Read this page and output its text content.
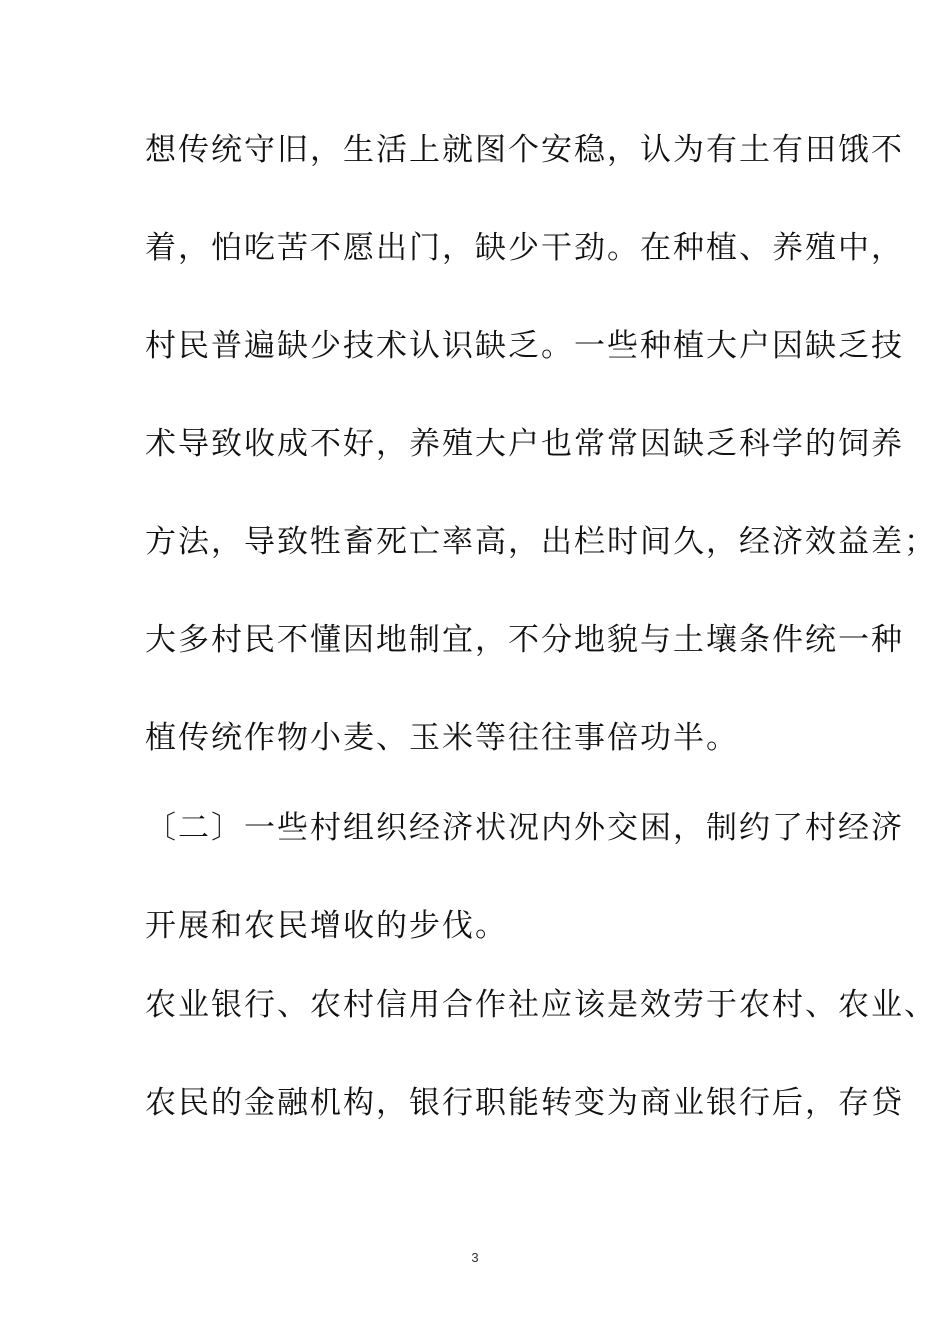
想传统守旧，生活上就图个安稳，认为有土有田饿不
着，怕吃苦不愿出门，缺少干劲。在种植、养殖中，
村民普遍缺少技术认识缺乏。一些种植大户因缺乏技
术导致收成不好，养殖大户也常常因缺乏科学的饲养
方法，导致牲畜死亡率高，出栏时间久，经济效益差；
大多村民不懂因地制宜，不分地貌与土壤条件统一种
植传统作物小麦、玉米等往往事倍功半。
〔二〕一些村组织经济状况内外交困，制约了村经济
开展和农民增收的步伐。
农业银行、农村信用合作社应该是效劳于农村、农业、
农民的金融机构，银行职能转变为商业银行后，存贷
3
